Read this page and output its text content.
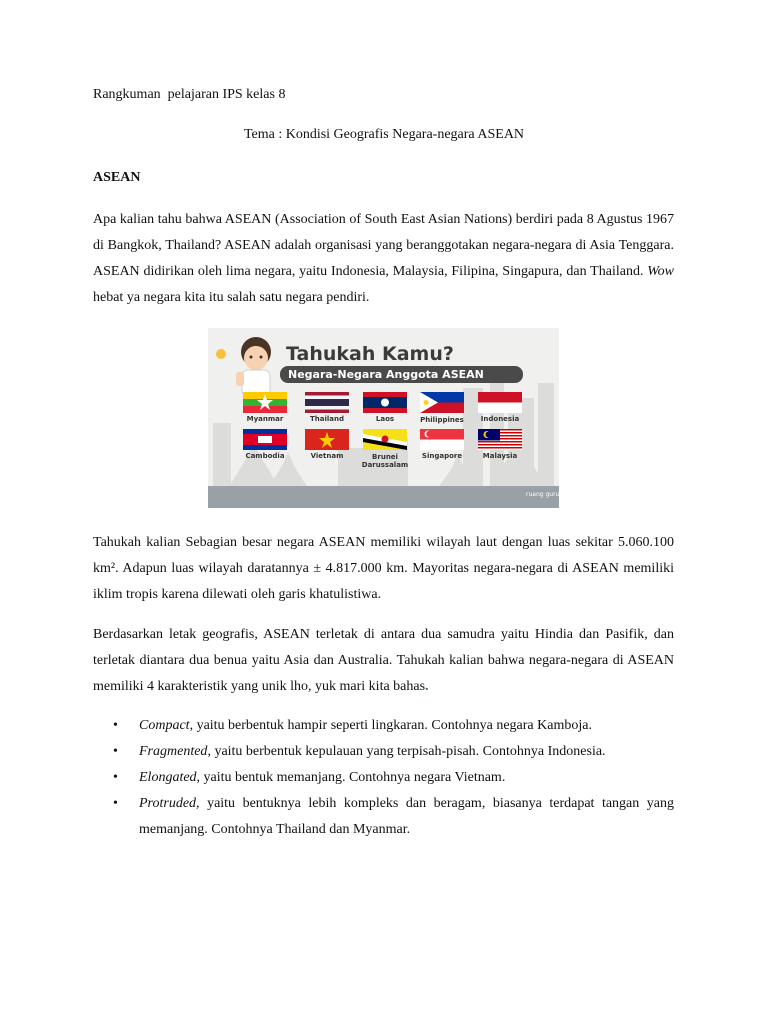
Rangkuman  pelajaran IPS kelas 8
Tema : Kondisi Geografis Negara-negara ASEAN
ASEAN
Apa kalian tahu bahwa ASEAN (Association of South East Asian Nations) berdiri pada 8 Agustus 1967 di Bangkok, Thailand? ASEAN adalah organisasi yang beranggotakan negara-negara di Asia Tenggara. ASEAN didirikan oleh lima negara, yaitu Indonesia, Malaysia, Filipina, Singapura, dan Thailand. Wow hebat ya negara kita itu salah satu negara pendiri.
ruang guru
Tahukah Kamu?
Negara-Negara Anggota ASEAN
Myanmar	Thailand	Laos	Philippines Indonesia
Cambodia	Vietnam	Brunei Darussalam
Singapore	Malaysia
Tahukah kalian Sebagian besar negara ASEAN memiliki wilayah laut dengan luas sekitar 5.060.100 km². Adapun luas wilayah daratannya ± 4.817.000 km. Mayoritas negara-negara di ASEAN memiliki iklim tropis karena dilewati oleh garis khatulistiwa.
Berdasarkan letak geografis, ASEAN terletak di antara dua samudra yaitu Hindia dan Pasifik, dan terletak diantara dua benua yaitu Asia dan Australia. Tahukah kalian bahwa negara-negara di ASEAN memiliki 4 karakteristik yang unik lho, yuk mari kita bahas.
• Compact, yaitu berbentuk hampir seperti lingkaran. Contohnya negara Kamboja.
• Fragmented, yaitu berbentuk kepulauan yang terpisah-pisah. Contohnya Indonesia.
• Elongated, yaitu bentuk memanjang. Contohnya negara Vietnam.
• Protruded, yaitu bentuknya lebih kompleks dan beragam, biasanya terdapat tangan yang memanjang. Contohnya Thailand dan Myanmar.
